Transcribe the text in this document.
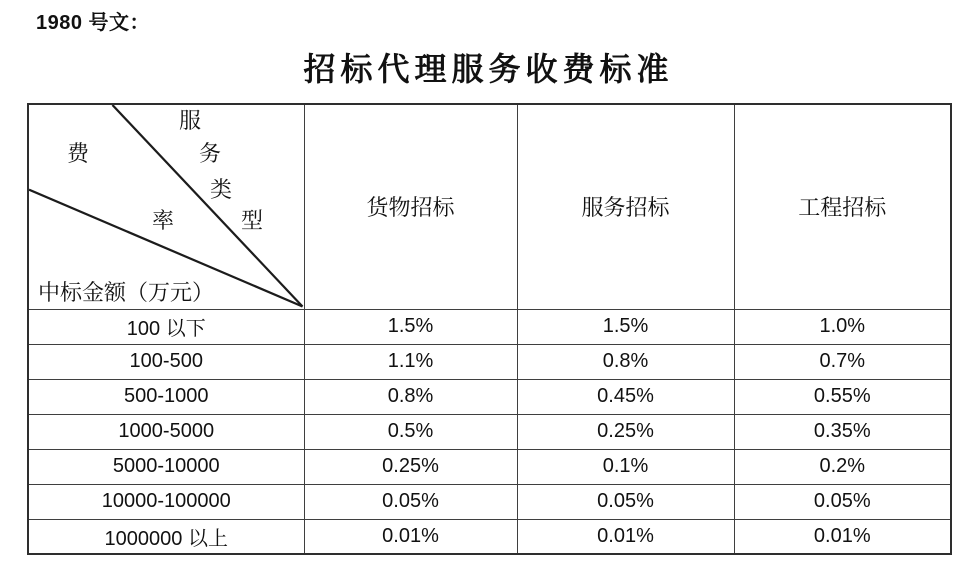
1980 号文：
招标代理服务收费标准
费
率
服
务
类
型
中标金额（万元）
	货物招标	服务招标	工程招标
100 以下	1.5%	1.5%	1.0%
100-500	1.1%	0.8%	0.7%
500-1000	0.8%	0.45%	0.55%
1000-5000	0.5%	0.25%	0.35%
5000-10000	0.25%	0.1%	0.2%
10000-100000	0.05%	0.05%	0.05%
1000000 以上	0.01%	0.01%	0.01%
